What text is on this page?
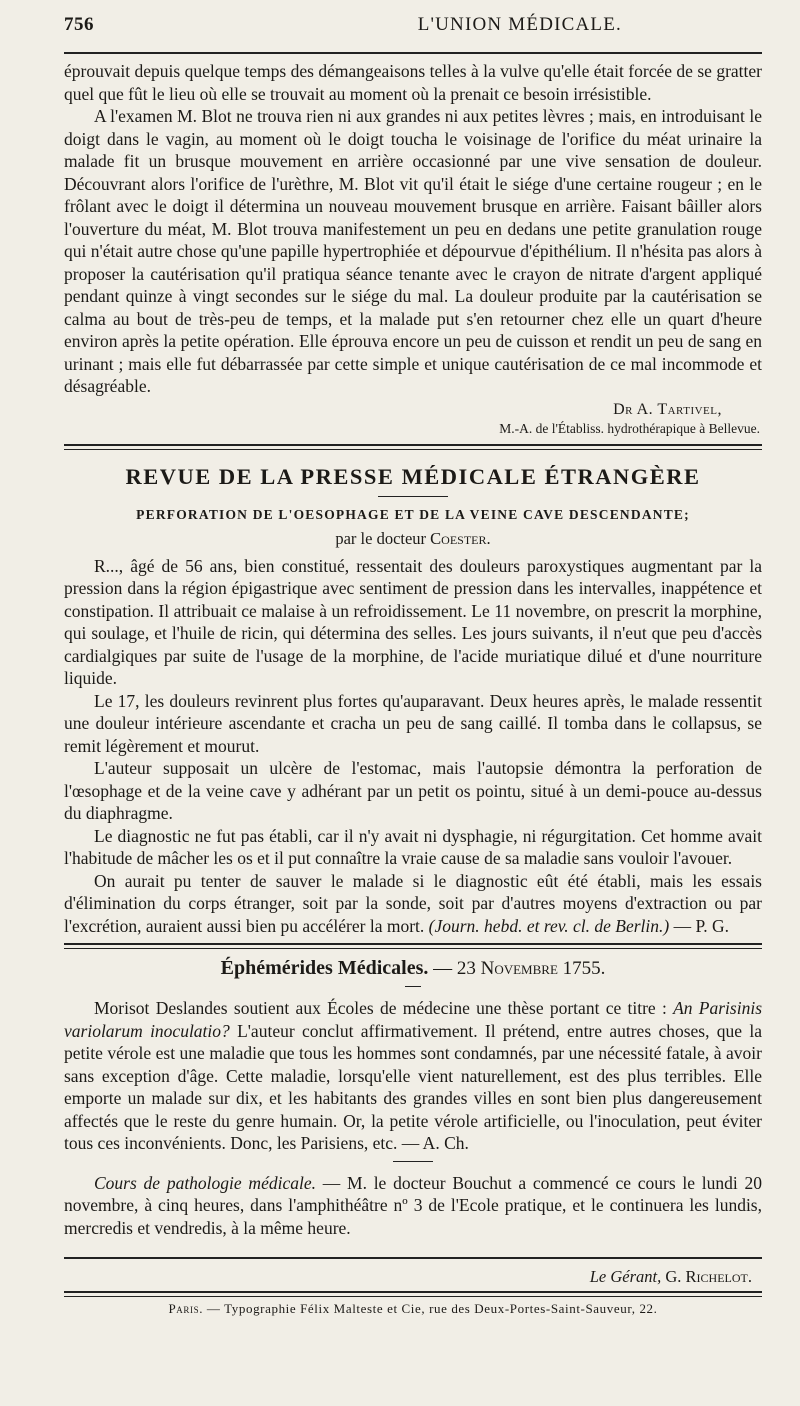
756	L'UNION MÉDICALE.

éprouvait depuis quelque temps des démangeaisons telles à la vulve qu'elle était forcée de se gratter quel que fût le lieu où elle se trouvait au moment où la prenait ce besoin irrésistible.

A l'examen M. Blot ne trouva rien ni aux grandes ni aux petites lèvres ; mais, en introduisant le doigt dans le vagin, au moment où le doigt toucha le voisinage de l'orifice du méat urinaire la malade fit un brusque mouvement en arrière occasionné par une vive sensation de douleur. Découvrant alors l'orifice de l'urèthre, M. Blot vit qu'il était le siége d'une certaine rougeur ; en le frôlant avec le doigt il détermina un nouveau mouvement brusque en arrière. Faisant bâiller alors l'ouverture du méat, M. Blot trouva manifestement un peu en dedans une petite granulation rouge qui n'était autre chose qu'une papille hypertrophiée et dépourvue d'épithélium. Il n'hésita pas alors à proposer la cautérisation qu'il pratiqua séance tenante avec le crayon de nitrate d'argent appliqué pendant quinze à vingt secondes sur le siége du mal. La douleur produite par la cautérisation se calma au bout de très-peu de temps, et la malade put s'en retourner chez elle un quart d'heure environ après la petite opération. Elle éprouva encore un peu de cuisson et rendit un peu de sang en urinant ; mais elle fut débarrassée par cette simple et unique cautérisation de ce mal incommode et désagréable.

Dr A. Tartivel,
M.-A. de l'Établiss. hydrothérapique à Bellevue.
REVUE DE LA PRESSE MÉDICALE ÉTRANGÈRE
PERFORATION DE L'OESOPHAGE ET DE LA VEINE CAVE DESCENDANTE;
par le docteur Coester.

R..., âgé de 56 ans, bien constitué, ressentait des douleurs paroxystiques augmentant par la pression dans la région épigastrique avec sentiment de pression dans les intervalles, inappétence et constipation. Il attribuait ce malaise à un refroidissement. Le 11 novembre, on prescrit la morphine, qui soulage, et l'huile de ricin, qui détermina des selles. Les jours suivants, il n'eut que peu d'accès cardialgiques par suite de l'usage de la morphine, de l'acide muriatique dilué et d'une nourriture liquide.

Le 17, les douleurs revinrent plus fortes qu'auparavant. Deux heures après, le malade ressentit une douleur intérieure ascendante et cracha un peu de sang caillé. Il tomba dans le collapsus, se remit légèrement et mourut.

L'auteur supposait un ulcère de l'estomac, mais l'autopsie démontra la perforation de l'œsophage et de la veine cave y adhérant par un petit os pointu, situé à un demi-pouce au-dessus du diaphragme.

Le diagnostic ne fut pas établi, car il n'y avait ni dysphagie, ni régurgitation. Cet homme avait l'habitude de mâcher les os et il put connaître la vraie cause de sa maladie sans vouloir l'avouer.

On aurait pu tenter de sauver le malade si le diagnostic eût été établi, mais les essais d'élimination du corps étranger, soit par la sonde, soit par d'autres moyens d'extraction ou par l'excrétion, auraient aussi bien pu accélérer la mort. (Journ. hebd. et rev. cl. de Berlin.) — P. G.

Éphémérides Médicales. — 23 Novembre 1755.

Morisot Deslandes soutient aux Écoles de médecine une thèse portant ce titre : An Parisinis variolarum inoculatio? L'auteur conclut affirmativement. Il prétend, entre autres choses, que la petite vérole est une maladie que tous les hommes sont condamnés, par une nécessité fatale, à avoir sans exception d'âge. Cette maladie, lorsqu'elle vient naturellement, est des plus terribles. Elle emporte un malade sur dix, et les habitants des grandes villes en sont bien plus dangereusement affectés que le reste du genre humain. Or, la petite vérole artificielle, ou l'inoculation, peut éviter tous ces inconvénients. Donc, les Parisiens, etc. — A. Ch.

Cours de pathologie médicale. — M. le docteur Bouchut a commencé ce cours le lundi 20 novembre, à cinq heures, dans l'amphithéâtre nº 3 de l'Ecole pratique, et le continuera les lundis, mercredis et vendredis, à la même heure.

Le Gérant, G. Richelot.
Paris. — Typographie Félix Malteste et Cie, rue des Deux-Portes-Saint-Sauveur, 22.
